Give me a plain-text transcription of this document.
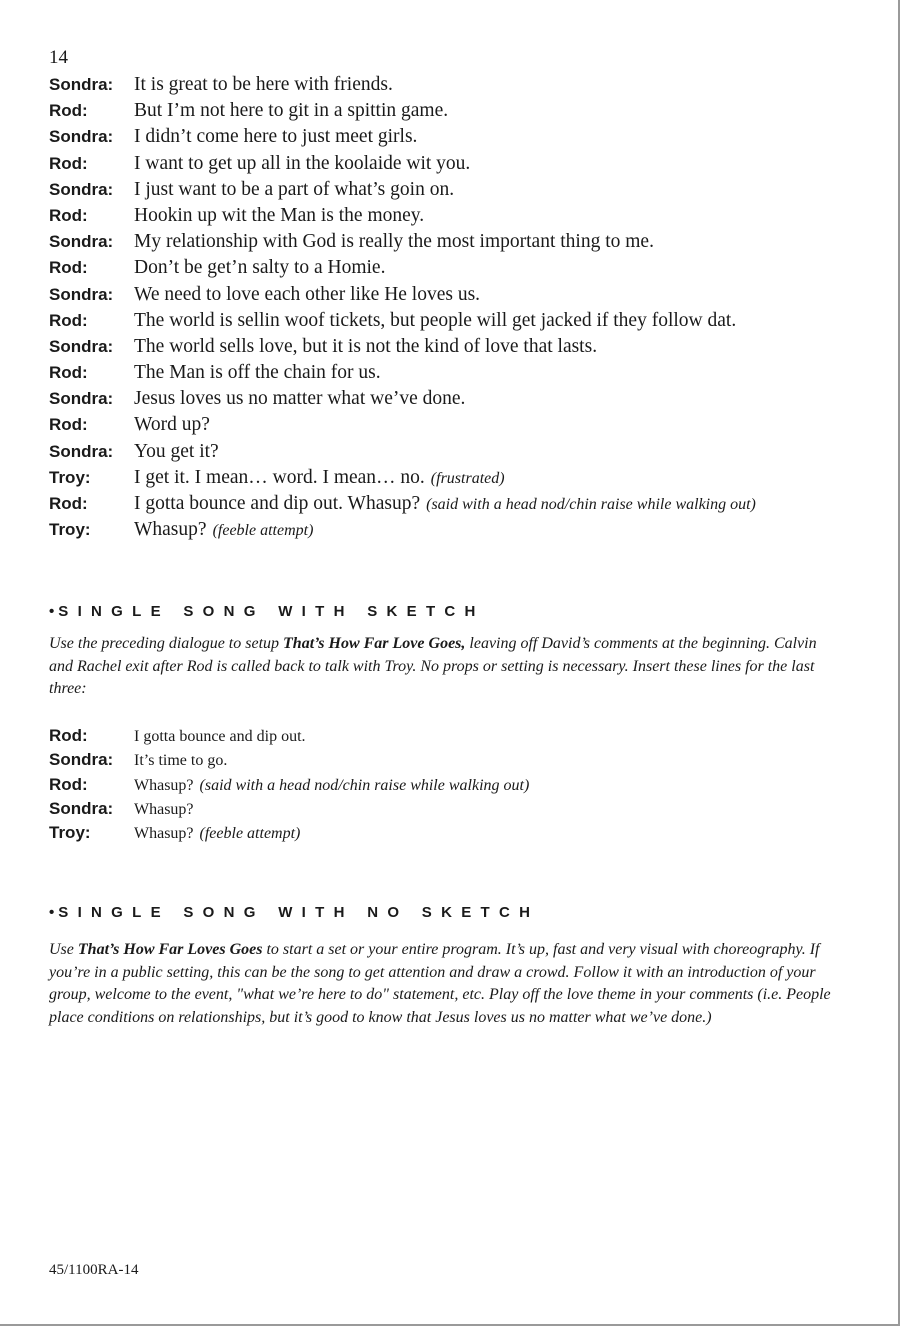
14
Sondra:	It is great to be here with friends.
Rod:	But I’m not here to git in a spittin game.
Sondra:	I didn’t come here to just meet girls.
Rod:	I want to get up all in the koolaide wit you.
Sondra:	I just want to be a part of what’s goin on.
Rod:	Hookin up wit the Man is the money.
Sondra:	My relationship with God is really the most important thing to me.
Rod:	Don’t be get’n salty to a Homie.
Sondra:	We need to love each other like He loves us.
Rod:	The world is sellin woof tickets, but people will get jacked if they follow dat.
Sondra:	The world sells love, but it is not the kind of love that lasts.
Rod:	The Man is off the chain for us.
Sondra:	Jesus loves us no matter what we’ve done.
Rod:	Word up?
Sondra:	You get it?
Troy:	I get it. I mean… word. I mean… no. (frustrated)
Rod:	I gotta bounce and dip out. Whasup? (said with a head nod/chin raise while walking out)
Troy:	Whasup? (feeble attempt)
• SINGLE SONG WITH SKETCH
Use the preceding dialogue to setup That’s How Far Love Goes, leaving off David’s comments at the beginning. Calvin and Rachel exit after Rod is called back to talk with Troy. No props or setting is necessary. Insert these lines for the last three:
Rod:	I gotta bounce and dip out.
Sondra:	It’s time to go.
Rod:	Whasup? (said with a head nod/chin raise while walking out)
Sondra:	Whasup?
Troy:	Whasup? (feeble attempt)
• SINGLE SONG WITH NO SKETCH
Use That’s How Far Loves Goes to start a set or your entire program. It’s up, fast and very visual with choreography. If you’re in a public setting, this can be the song to get attention and draw a crowd. Follow it with an introduction of your group, welcome to the event, "what we’re here to do" statement, etc. Play off the love theme in your comments (i.e. People place conditions on relationships, but it’s good to know that Jesus loves us no matter what we’ve done.)
45/1100RA-14
